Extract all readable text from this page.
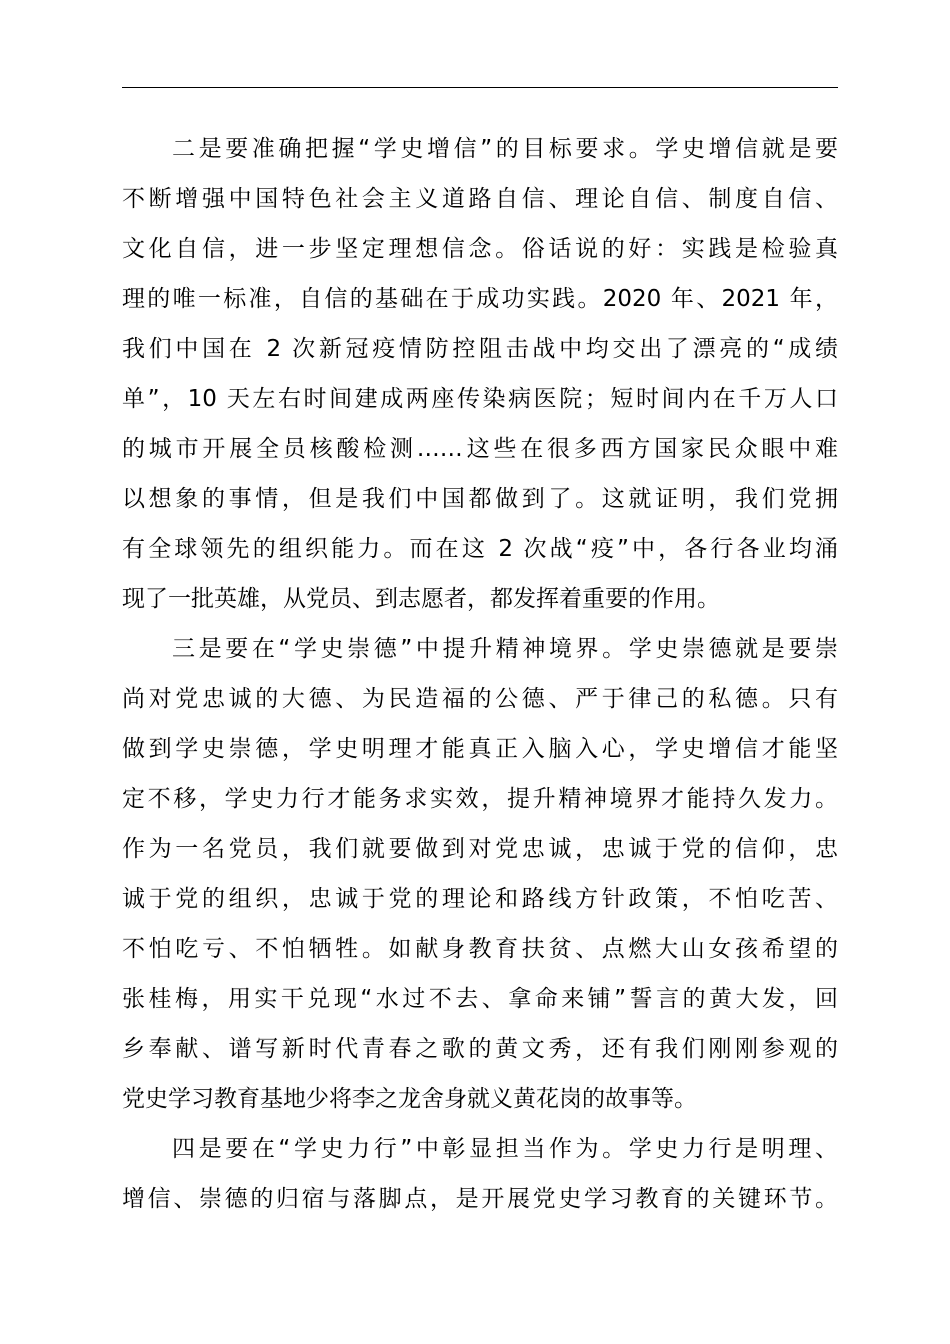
二是要准确把握“学史增信”的目标要求。学史增信就是要
不断增强中国特色社会主义道路自信、理论自信、制度自信、
文化自信，进一步坚定理想信念。俗话说的好：实践是检验真
理的唯一标准，自信的基础在于成功实践。2020 年、2021 年，
我们中国在 2 次新冠疫情防控阻击战中均交出了漂亮的“成绩
单”，10 天左右时间建成两座传染病医院；短时间内在千万人口
的城市开展全员核酸检测……这些在很多西方国家民众眼中难
以想象的事情，但是我们中国都做到了。这就证明，我们党拥
有全球领先的组织能力。而在这 2 次战“疫”中，各行各业均涌
现了一批英雄，从党员、到志愿者，都发挥着重要的作用。
三是要在“学史崇德”中提升精神境界。学史崇德就是要崇
尚对党忠诚的大德、为民造福的公德、严于律己的私德。只有
做到学史崇德，学史明理才能真正入脑入心，学史增信才能坚
定不移，学史力行才能务求实效，提升精神境界才能持久发力。
作为一名党员，我们就要做到对党忠诚，忠诚于党的信仰，忠
诚于党的组织，忠诚于党的理论和路线方针政策，不怕吃苦、
不怕吃亏、不怕牺牲。如献身教育扶贫、点燃大山女孩希望的
张桂梅，用实干兑现“水过不去、拿命来铺”誓言的黄大发，回
乡奉献、谱写新时代青春之歌的黄文秀，还有我们刚刚参观的
党史学习教育基地少将李之龙舍身就义黄花岗的故事等。
四是要在“学史力行”中彰显担当作为。学史力行是明理、
增信、崇德的归宿与落脚点，是开展党史学习教育的关键环节。
